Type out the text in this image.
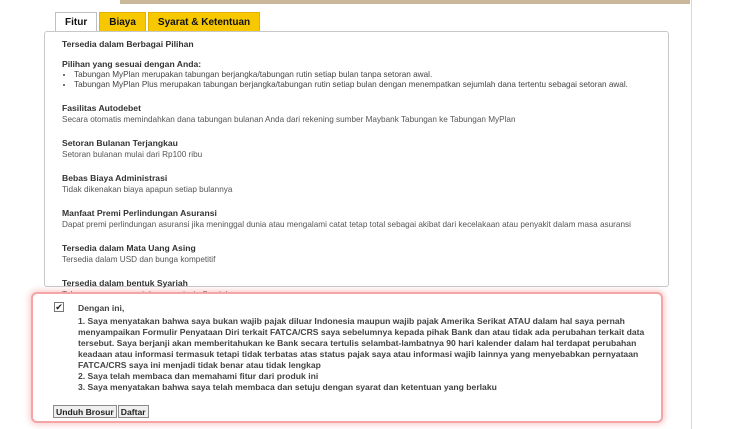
Fitur	Biaya	Syarat & Ketentuan
Tersedia dalam Berbagai Pilihan
Pilihan yang sesuai dengan Anda:
• Tabungan MyPlan merupakan tabungan berjangka/tabungan rutin setiap bulan tanpa setoran awal.
• Tabungan MyPlan Plus merupakan tabungan berjangka/tabungan rutin setiap bulan dengan menempatkan sejumlah dana tertentu sebagai setoran awal.
Fasilitas Autodebet
Secara otomatis memindahkan dana tabungan bulanan Anda dari rekening sumber Maybank Tabungan ke Tabungan MyPlan
Setoran Bulanan Terjangkau
Setoran bulanan mulai dari Rp100 ribu
Bebas Biaya Administrasi
Tidak dikenakan biaya apapun setiap bulannya
Manfaat Premi Perlindungan Asuransi
Dapat premi perlindungan asuransi jika meninggal dunia atau mengalami catat tetap total sebagai akibat dari kecelakaan atau penyakit dalam masa asuransi
Tersedia dalam Mata Uang Asing
Tersedia dalam USD dan bunga kompetitif
Tersedia dalam bentuk Syariah
✔ Dengan ini,
1. Saya menyatakan bahwa saya bukan wajib pajak diluar Indonesia maupun wajib pajak Amerika Serikat ATAU dalam hal saya pernah menyampaikan Formulir Penyataan Diri terkait FATCA/CRS saya sebelumnya kepada pihak Bank dan atau tidak ada perubahan terkait data tersebut. Saya berjanji akan memberitahukan ke Bank secara tertulis selambat-lambatnya 90 hari kalender dalam hal terdapat perubahan keadaan atau informasi termasuk tetapi tidak terbatas atas status pajak saya atau informasi wajib lainnya yang menyebabkan pernyataan FATCA/CRS saya ini menjadi tidak benar atau tidak lengkap
2. Saya telah membaca dan memahami fitur dari produk ini
3. Saya menyatakan bahwa saya telah membaca dan setuju dengan syarat dan ketentuan yang berlaku
Unduh Brosur Daftar
